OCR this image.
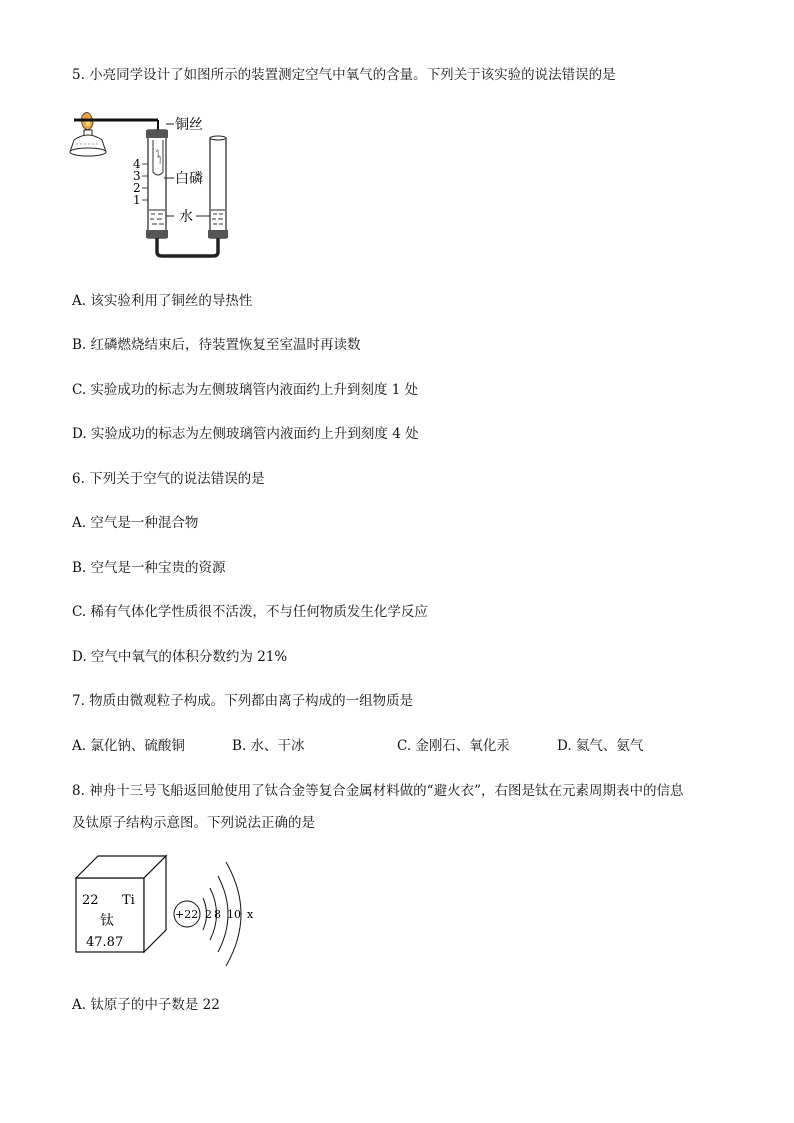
5. 小亮同学设计了如图所示的装置测定空气中氧气的含量。下列关于该实验的说法错误的是
4
3
2
1
铜丝
白磷
水
A. 该实验利用了铜丝的导热性
B. 红磷燃烧结束后，待装置恢复至室温时再读数
C. 实验成功的标志为左侧玻璃管内液面约上升到刻度 1 处
D. 实验成功的标志为左侧玻璃管内液面约上升到刻度 4 处
6. 下列关于空气的说法错误的是
A. 空气是一种混合物
B. 空气是一种宝贵的资源
C. 稀有气体化学性质很不活泼，不与任何物质发生化学反应
D. 空气中氧气的体积分数约为 21%
7. 物质由微观粒子构成。下列都由离子构成的一组物质是
A. 氯化钠、硫酸铜	B. 水、干冰	C. 金刚石、氧化汞	D. 氦气、氨气
8. 神舟十三号飞船返回舱使用了钛合金等复合金属材料做的“避火衣”，右图是钛在元素周期表中的信息
及钛原子结构示意图。下列说法正确的是
22 Ti
钛
47.87
+22 2 8 10 x
A. 钛原子的中子数是 22
